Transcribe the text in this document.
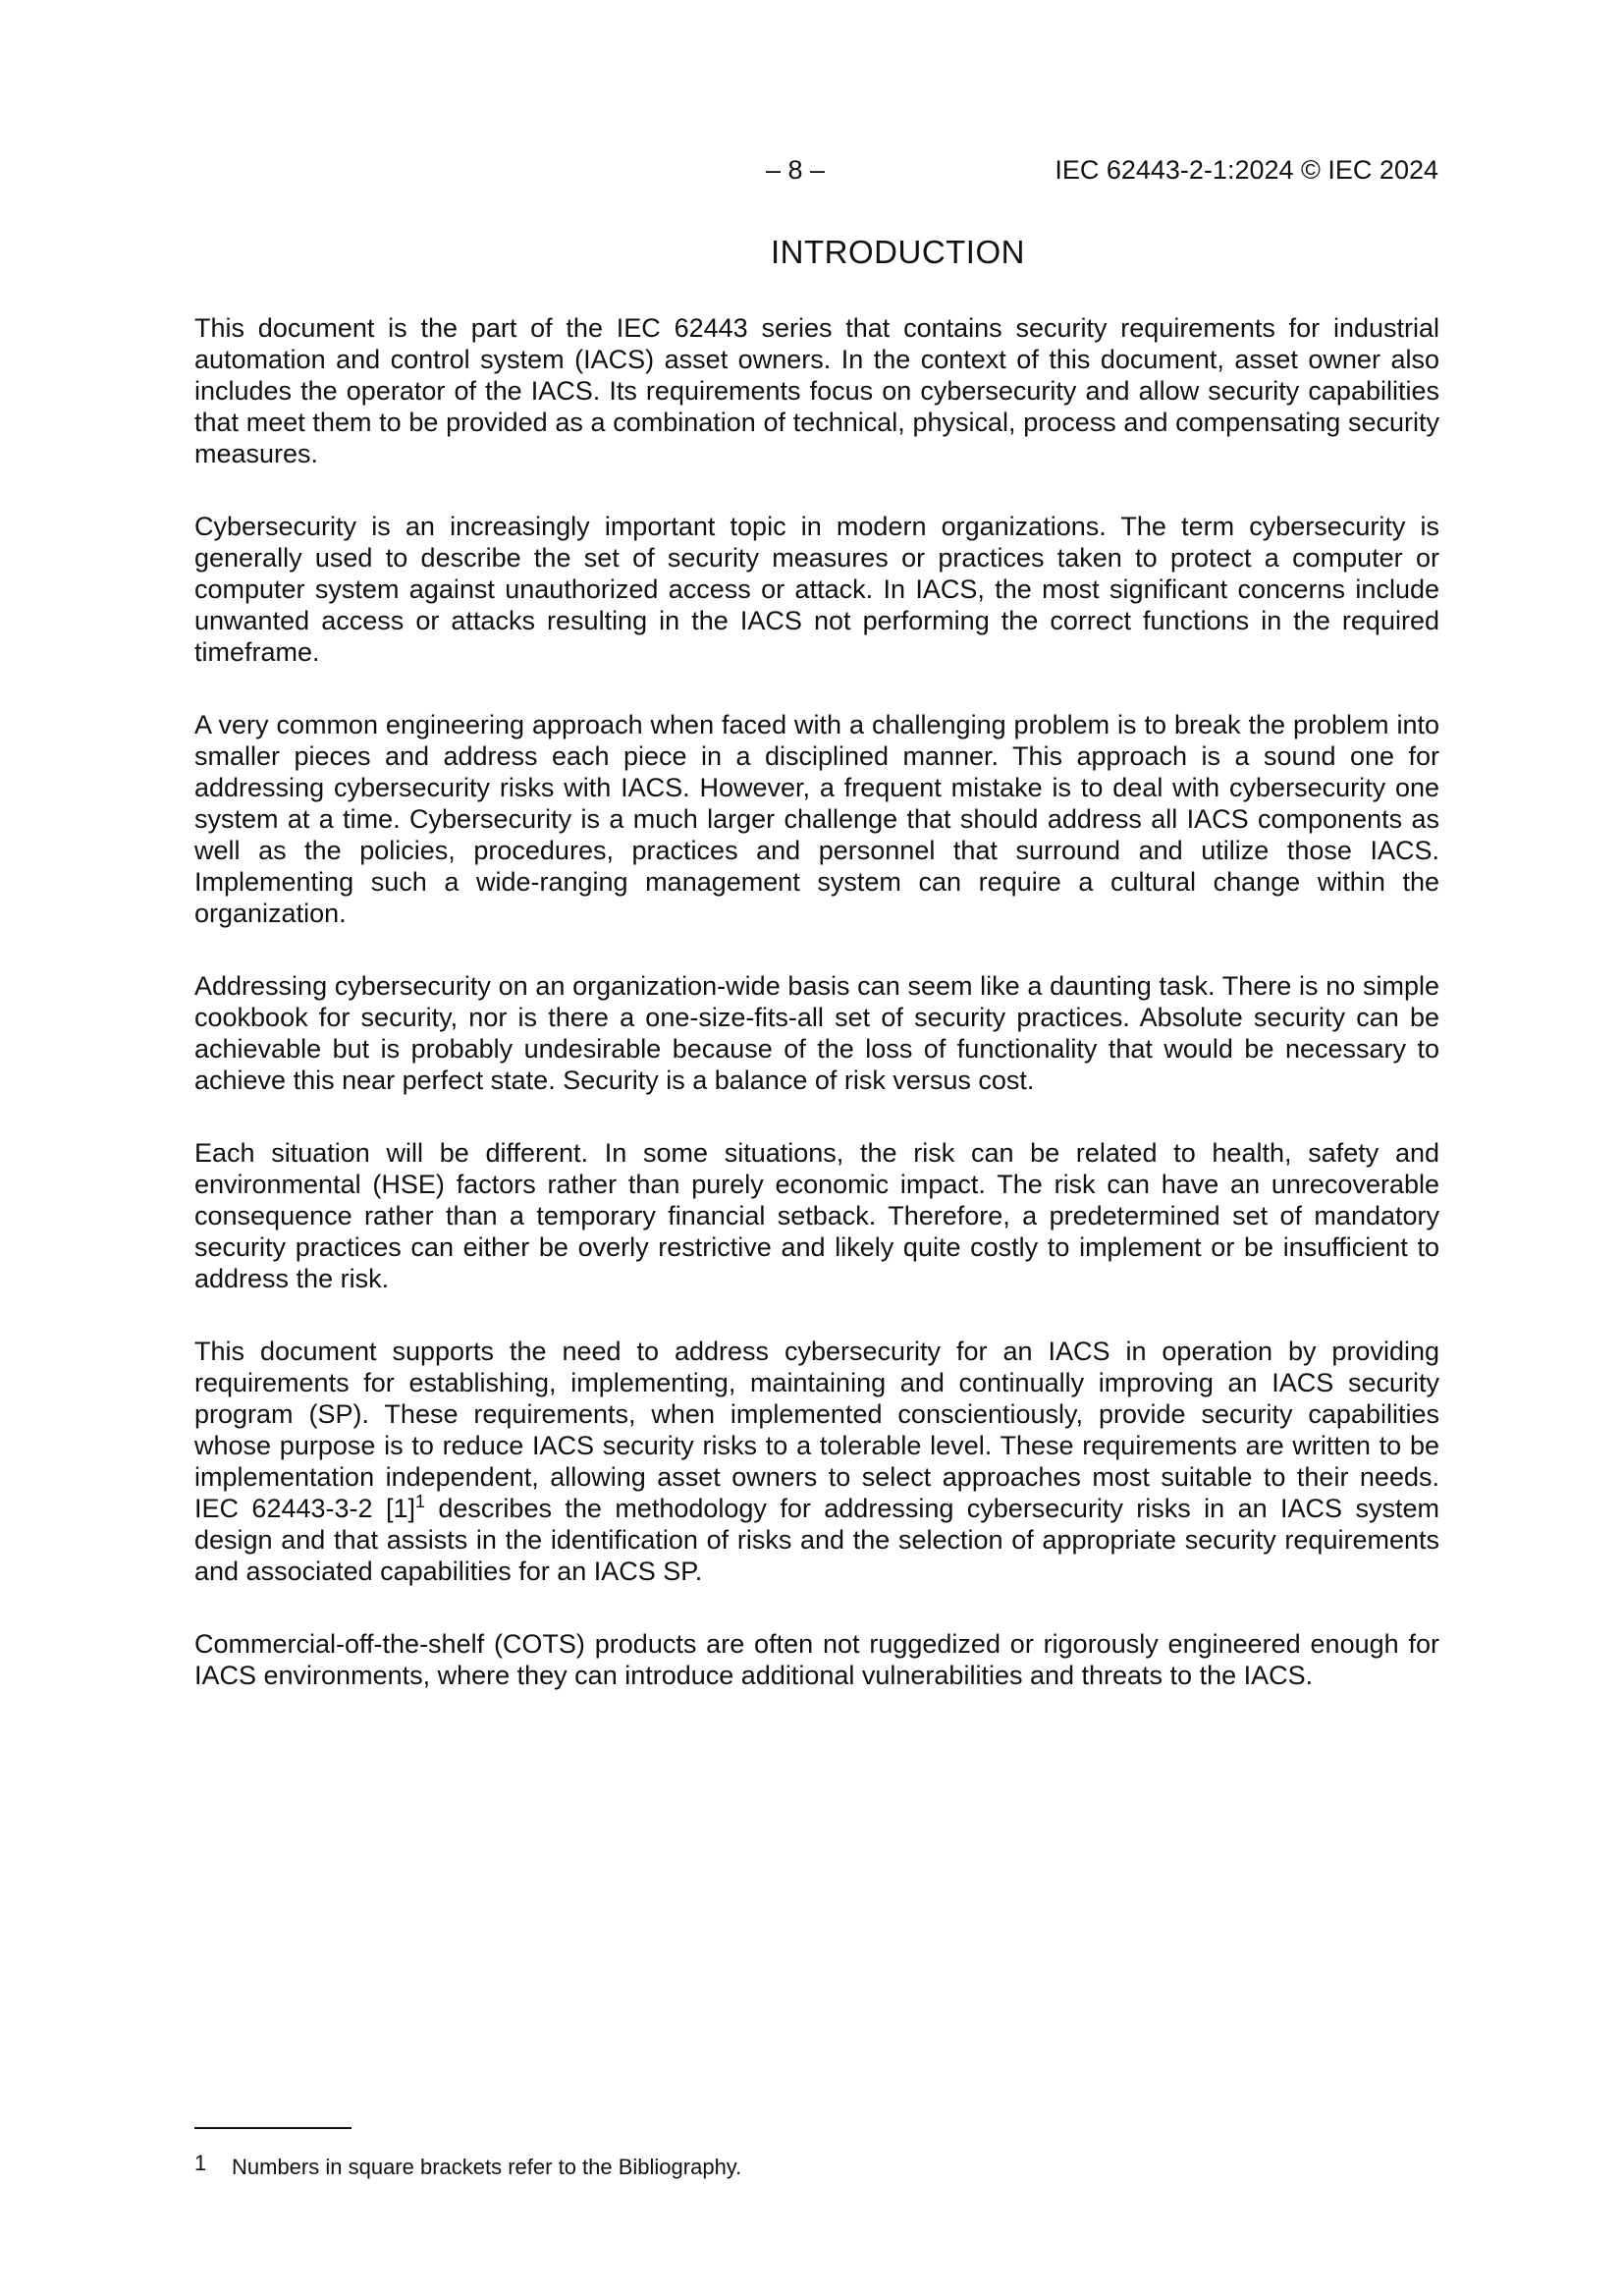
– 8 –	IEC 62443-2-1:2024 © IEC 2024
INTRODUCTION

This document is the part of the IEC 62443 series that contains security requirements for industrial automation and control system (IACS) asset owners. In the context of this document, asset owner also includes the operator of the IACS. Its requirements focus on cybersecurity and allow security capabilities that meet them to be provided as a combination of technical, physical, process and compensating security measures.

Cybersecurity is an increasingly important topic in modern organizations. The term cybersecurity is generally used to describe the set of security measures or practices taken to protect a computer or computer system against unauthorized access or attack. In IACS, the most significant concerns include unwanted access or attacks resulting in the IACS not performing the correct functions in the required timeframe.

A very common engineering approach when faced with a challenging problem is to break the problem into smaller pieces and address each piece in a disciplined manner. This approach is a sound one for addressing cybersecurity risks with IACS. However, a frequent mistake is to deal with cybersecurity one system at a time. Cybersecurity is a much larger challenge that should address all IACS components as well as the policies, procedures, practices and personnel that surround and utilize those IACS. Implementing such a wide-ranging management system can require a cultural change within the organization.

Addressing cybersecurity on an organization-wide basis can seem like a daunting task. There is no simple cookbook for security, nor is there a one-size-fits-all set of security practices. Absolute security can be achievable but is probably undesirable because of the loss of functionality that would be necessary to achieve this near perfect state. Security is a balance of risk versus cost.

Each situation will be different. In some situations, the risk can be related to health, safety and environmental (HSE) factors rather than purely economic impact. The risk can have an unrecoverable consequence rather than a temporary financial setback. Therefore, a predetermined set of mandatory security practices can either be overly restrictive and likely quite costly to implement or be insufficient to address the risk.

This document supports the need to address cybersecurity for an IACS in operation by providing requirements for establishing, implementing, maintaining and continually improving an IACS security program (SP). These requirements, when implemented conscientiously, provide security capabilities whose purpose is to reduce IACS security risks to a tolerable level. These requirements are written to be implementation independent, allowing asset owners to select approaches most suitable to their needs. IEC 62443-3-2 $[1]^1$ describes the methodology for addressing cybersecurity risks in an IACS system design and that assists in the identification of risks and the selection of appropriate security requirements and associated capabilities for an IACS SP.

Commercial-off-the-shelf (COTS) products are often not ruggedized or rigorously engineered enough for IACS environments, where they can introduce additional vulnerabilities and threats to the IACS.

1 Numbers in square brackets refer to the Bibliography.
